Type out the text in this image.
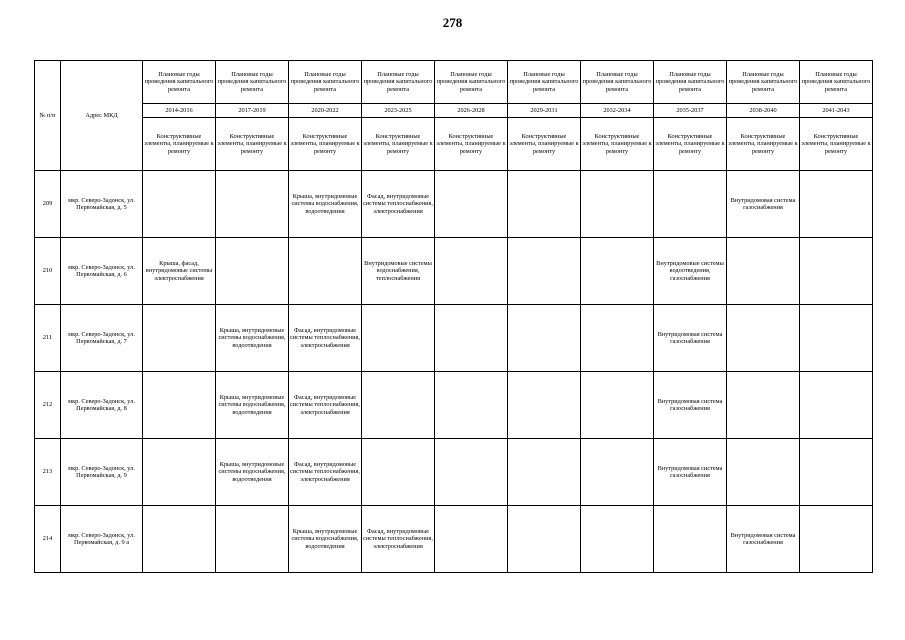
278
№ п/п	Адрес МКД	Плановые годы проведения капитального ремонта	Плановые годы проведения капитального ремонта	Плановые годы проведения капитального ремонта	Плановые годы проведения капитального ремонта	Плановые годы проведения капитального ремонта	Плановые годы проведения капитального ремонта	Плановые годы проведения капитального ремонта	Плановые годы проведения капитального ремонта	Плановые годы проведения капитального ремонта	Плановые годы проведения капитального ремонта
		2014-2016	2017-2019	2020-2022	2023-2025	2026-2028	2029-2031	2032-2034	2035-2037	2038-2040	2041-2043
		Конструктивные элементы, планируемые к ремонту	Конструктивные элементы, планируемые к ремонту	Конструктивные элементы, планируемые к ремонту	Конструктивные элементы, планируемые к ремонту	Конструктивные элементы, планируемые к ремонту	Конструктивные элементы, планируемые к ремонту	Конструктивные элементы, планируемые к ремонту	Конструктивные элементы, планируемые к ремонту	Конструктивные элементы, планируемые к ремонту	Конструктивные элементы, планируемые к ремонту
209	мкр. Северо-Задонск, ул. Первомайская, д. 5			Крыша, внутридомовые системы водоснабжения, водоотведения	Фасад, внутридомовые системы теплоснабжения, электроснабжения					Внутридомовая система газоснабжения	
210	мкр. Северо-Задонск, ул. Первомайская, д. 6	Крыша, фасад, внутридомовые системы электроснабжения			Внутридомовые системы водоснабжения, теплоснабжения				Внутридомовые системы водоотведения, газоснабжения		
211	мкр. Северо-Задонск, ул. Первомайская, д. 7		Крыша, внутридомовые системы водоснабжения, водоотведения	Фасад, внутридомовые системы теплоснабжения, электроснабжения					Внутридомовая система газоснабжения		
212	мкр. Северо-Задонск, ул. Первомайская, д. 8		Крыша, внутридомовые системы водоснабжения, водоотведения	Фасад, внутридомовые системы теплоснабжения, электроснабжения					Внутридомовая система газоснабжения		
213	мкр. Северо-Задонск, ул. Первомайская, д. 9		Крыша, внутридомовые системы водоснабжения, водоотведения	Фасад, внутридомовые системы теплоснабжения, электроснабжения					Внутридомовая система газоснабжения		
214	мкр. Северо-Задонск, ул. Первомайская, д. 9 а			Крыша, внутридомовые системы водоснабжения, водоотведения	Фасад, внутридомовые системы теплоснабжения, электроснабжения					Внутридомовая система газоснабжения	
